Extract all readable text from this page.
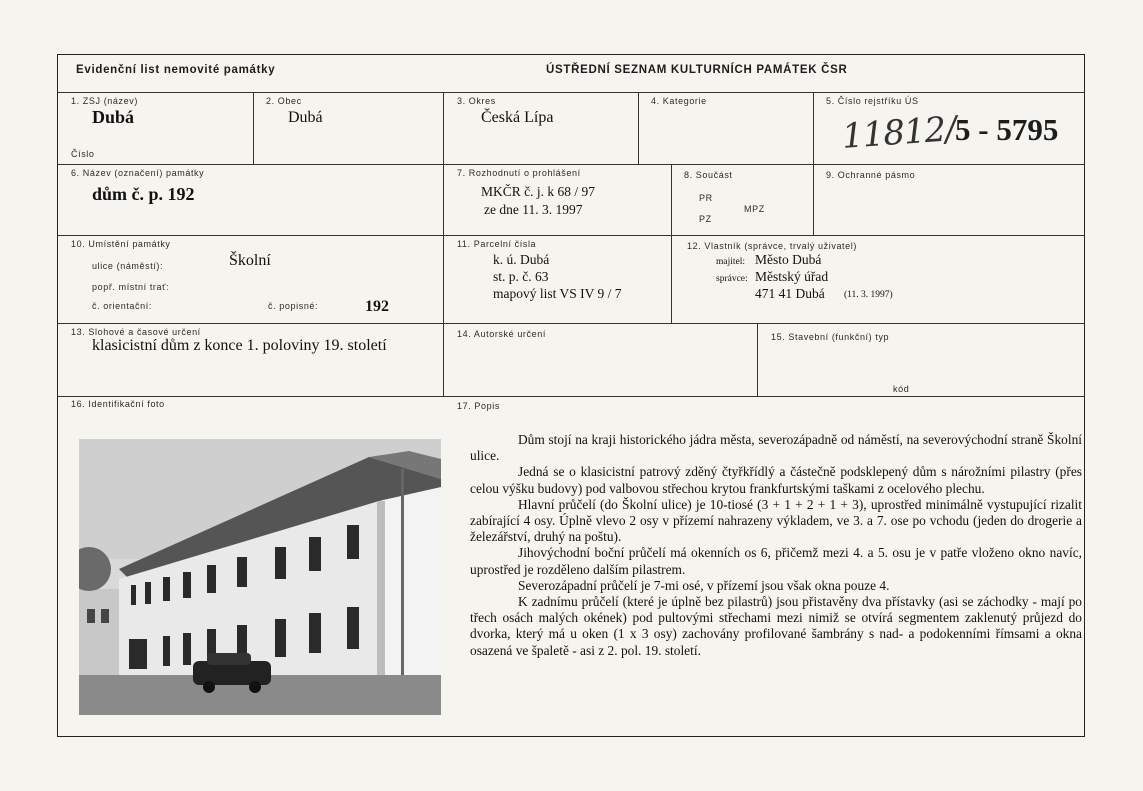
Evidenční list nemovité památky	ÚSTŘEDNÍ SEZNAM KULTURNÍCH PAMÁTEK ČSR
1. ZSJ (název)
Dubá
Číslo
2. Obec
Dubá
3. Okres
Česká Lípa
4. Kategorie	5. Číslo rejstříku ÚS
11812/
5 - 5795
6. Název (označení) památky
dům č. p. 192
7. Rozhodnutí o prohlášení
MKČR č. j. k 68 / 97
ze dne 11. 3. 1997
8. Součást
PR
MPZ
PZ
9. Ochranné pásmo
10. Umístění památky
ulice (náměstí):	Školní
popř. místní trať:
č. orientační:	č. popisné:	192
11. Parcelní čísla
k. ú. Dubá
st. p. č. 63
mapový list VS IV 9 / 7
12. Vlastník (správce, trvalý uživatel)
majitel: Město Dubá
správce: Městský úřad
471 41 Dubá (11. 3. 1997)
13. Slohové a časové určení
klasicistní dům z konce 1. poloviny 19. století
14. Autorské určení	15. Stavební (funkční) typ
kód
16. Identifikační foto	17. Popis

Dům stojí na kraji historického jádra města, severozápadně od náměstí, na severovýchodní straně Školní ulice.

Jedná se o klasicistní patrový zděný čtyřkřídlý a částečně podsklepený dům s nárožními pilastry (přes celou výšku budovy) pod valbovou střechou krytou frankfurtskými taškami z ocelového plechu.

Hlavní průčelí (do Školní ulice) je 10-tiosé (3 + 1 + 2 + 1 + 3), uprostřed minimálně vystupující rizalit zabírající 4 osy. Úplně vlevo 2 osy v přízemí nahrazeny výkladem, ve 3. a 7. ose po vchodu (jeden do drogerie a železářství, druhý na poštu).

Jihovýchodní boční průčelí má okenních os 6, přičemž mezi 4. a 5. osu je v patře vloženo okno navíc, uprostřed je rozděleno dalším pilastrem.

Severozápadní průčelí je 7-mi osé, v přízemí jsou však okna pouze 4.

K zadnímu průčelí (které je úplně bez pilastrů) jsou přistavěny dva přístavky (asi se záchodky - mají po třech osách malých okének) pod pultovými střechami mezi nimiž se otvírá segmentem zaklenutý průjezd do dvorka, který má u oken (1 x 3 osy) zachovány profilované šambrány s nad- a podokenními římsami a okna osazená ve špaletě - asi z 2. pol. 19. století.
